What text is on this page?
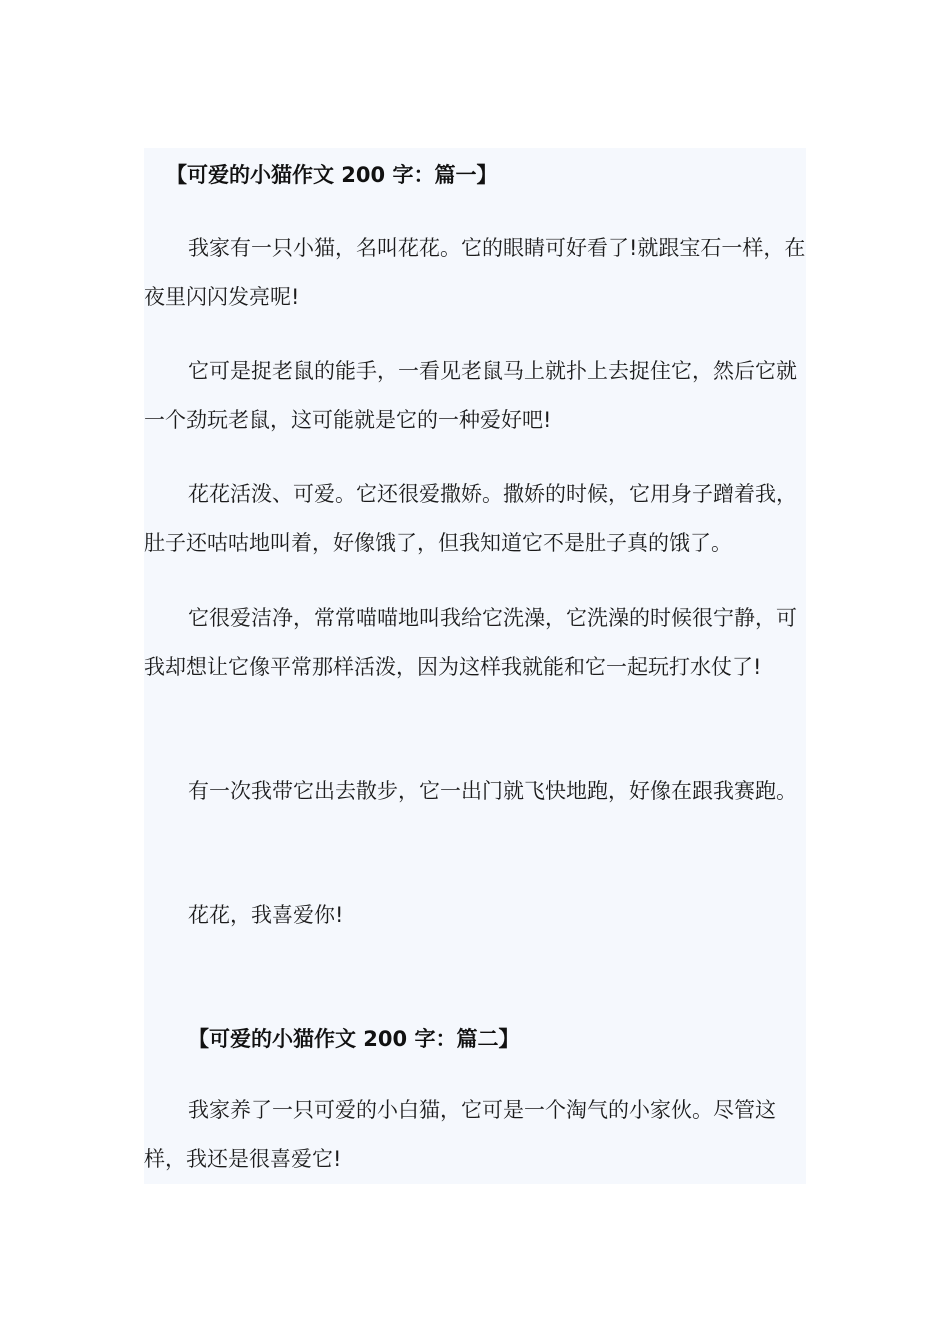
【可爱的小猫作文 200 字：篇一】

我家有一只小猫，名叫花花。它的眼睛可好看了!就跟宝石一样，在夜里闪闪发亮呢!

它可是捉老鼠的能手，一看见老鼠马上就扑上去捉住它，然后它就一个劲玩老鼠，这可能就是它的一种爱好吧!

花花活泼、可爱。它还很爱撒娇。撒娇的时候，它用身子蹭着我，肚子还咕咕地叫着，好像饿了，但我知道它不是肚子真的饿了。

它很爱洁净，常常喵喵地叫我给它洗澡，它洗澡的时候很宁静，可我却想让它像平常那样活泼，因为这样我就能和它一起玩打水仗了!

有一次我带它出去散步，它一出门就飞快地跑，好像在跟我赛跑。

花花，我喜爱你!

【可爱的小猫作文 200 字：篇二】

我家养了一只可爱的小白猫，它可是一个淘气的小家伙。尽管这样，我还是很喜爱它!
